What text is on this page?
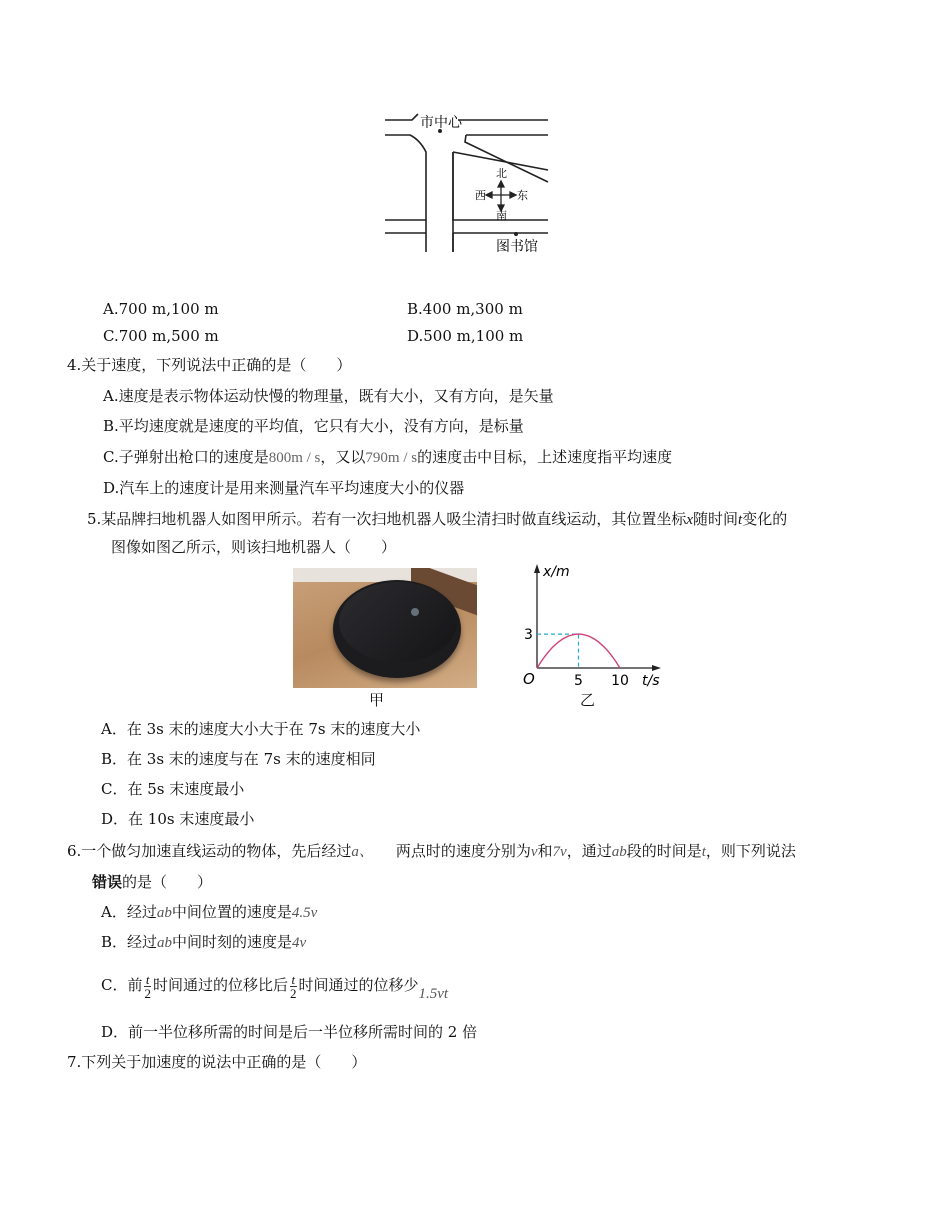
市中心
北
南
西	东
图书馆
A.700 m,100 m	B.400 m,300 m
C.700 m,500 m	D.500 m,100 m
4.关于速度，下列说法中正确的是（　　）
A.速度是表示物体运动快慢的物理量，既有大小，又有方向，是矢量
B.平均速度就是速度的平均值，它只有大小，没有方向，是标量
C.子弹射出枪口的速度是800m / s，又以790m / s的速度击中目标，上述速度指平均速度
D.汽车上的速度计是用来测量汽车平均速度大小的仪器
5.某品牌扫地机器人如图甲所示。若有一次扫地机器人吸尘清扫时做直线运动，其位置坐标x随时间t变化的
图像如图乙所示，则该扫地机器人（　　）
甲
x/m
3
O	5 10 t/s
乙
A．在 3s 末的速度大小大于在 7s 末的速度大小
B．在 3s 末的速度与在 7s 末的速度相同
C．在 5s 末速度最小
D．在 10s 末速度最小
6.一个做匀加速直线运动的物体，先后经过a、 两点时的速度分别为v和7v，通过ab段的时间是t，则下列说法
错误的是（　　）
A．经过ab中间位置的速度是4.5v
B．经过ab中间时刻的速度是4v
C．前 $\frac{t}{2}$ 时间通过的位移比后 $\frac{t}{2}$ 时间通过的位移少1.5vt
D．前一半位移所需的时间是后一半位移所需时间的 2 倍
7.下列关于加速度的说法中正确的是（　　）
